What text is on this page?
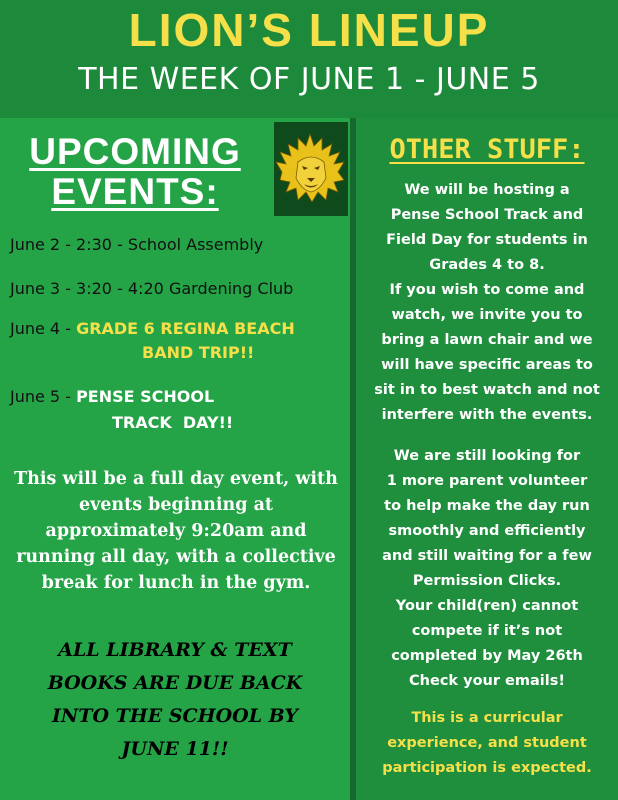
LION’S LINEUP
THE WEEK OF JUNE 1 - JUNE 5
UPCOMING
EVENTS:
June 2 - 2:30 - School Assembly
June 3 - 3:20 - 4:20 Gardening Club
June 4 - GRADE 6 REGINA BEACH
BAND TRIP!!
June 5 - PENSE SCHOOL
TRACK  DAY!!
This will be a full day event, with
events beginning at
approximately 9:20am and
running all day, with a collective
break for lunch in the gym.
ALL LIBRARY & TEXT
BOOKS ARE DUE BACK
INTO THE SCHOOL BY
JUNE 11!!
OTHER STUFF:
We will be hosting a
Pense School Track and
Field Day for students in
Grades 4 to 8.
If you wish to come and
watch, we invite you to
bring a lawn chair and we
will have specific areas to
sit in to best watch and not
interfere with the events.
We are still looking for
1 more parent volunteer
to help make the day run
smoothly and efficiently
and still waiting for a few
Permission Clicks.
Your child(ren) cannot
compete if it’s not
completed by May 26th
Check your emails!
This is a curricular
experience, and student
participation is expected.
